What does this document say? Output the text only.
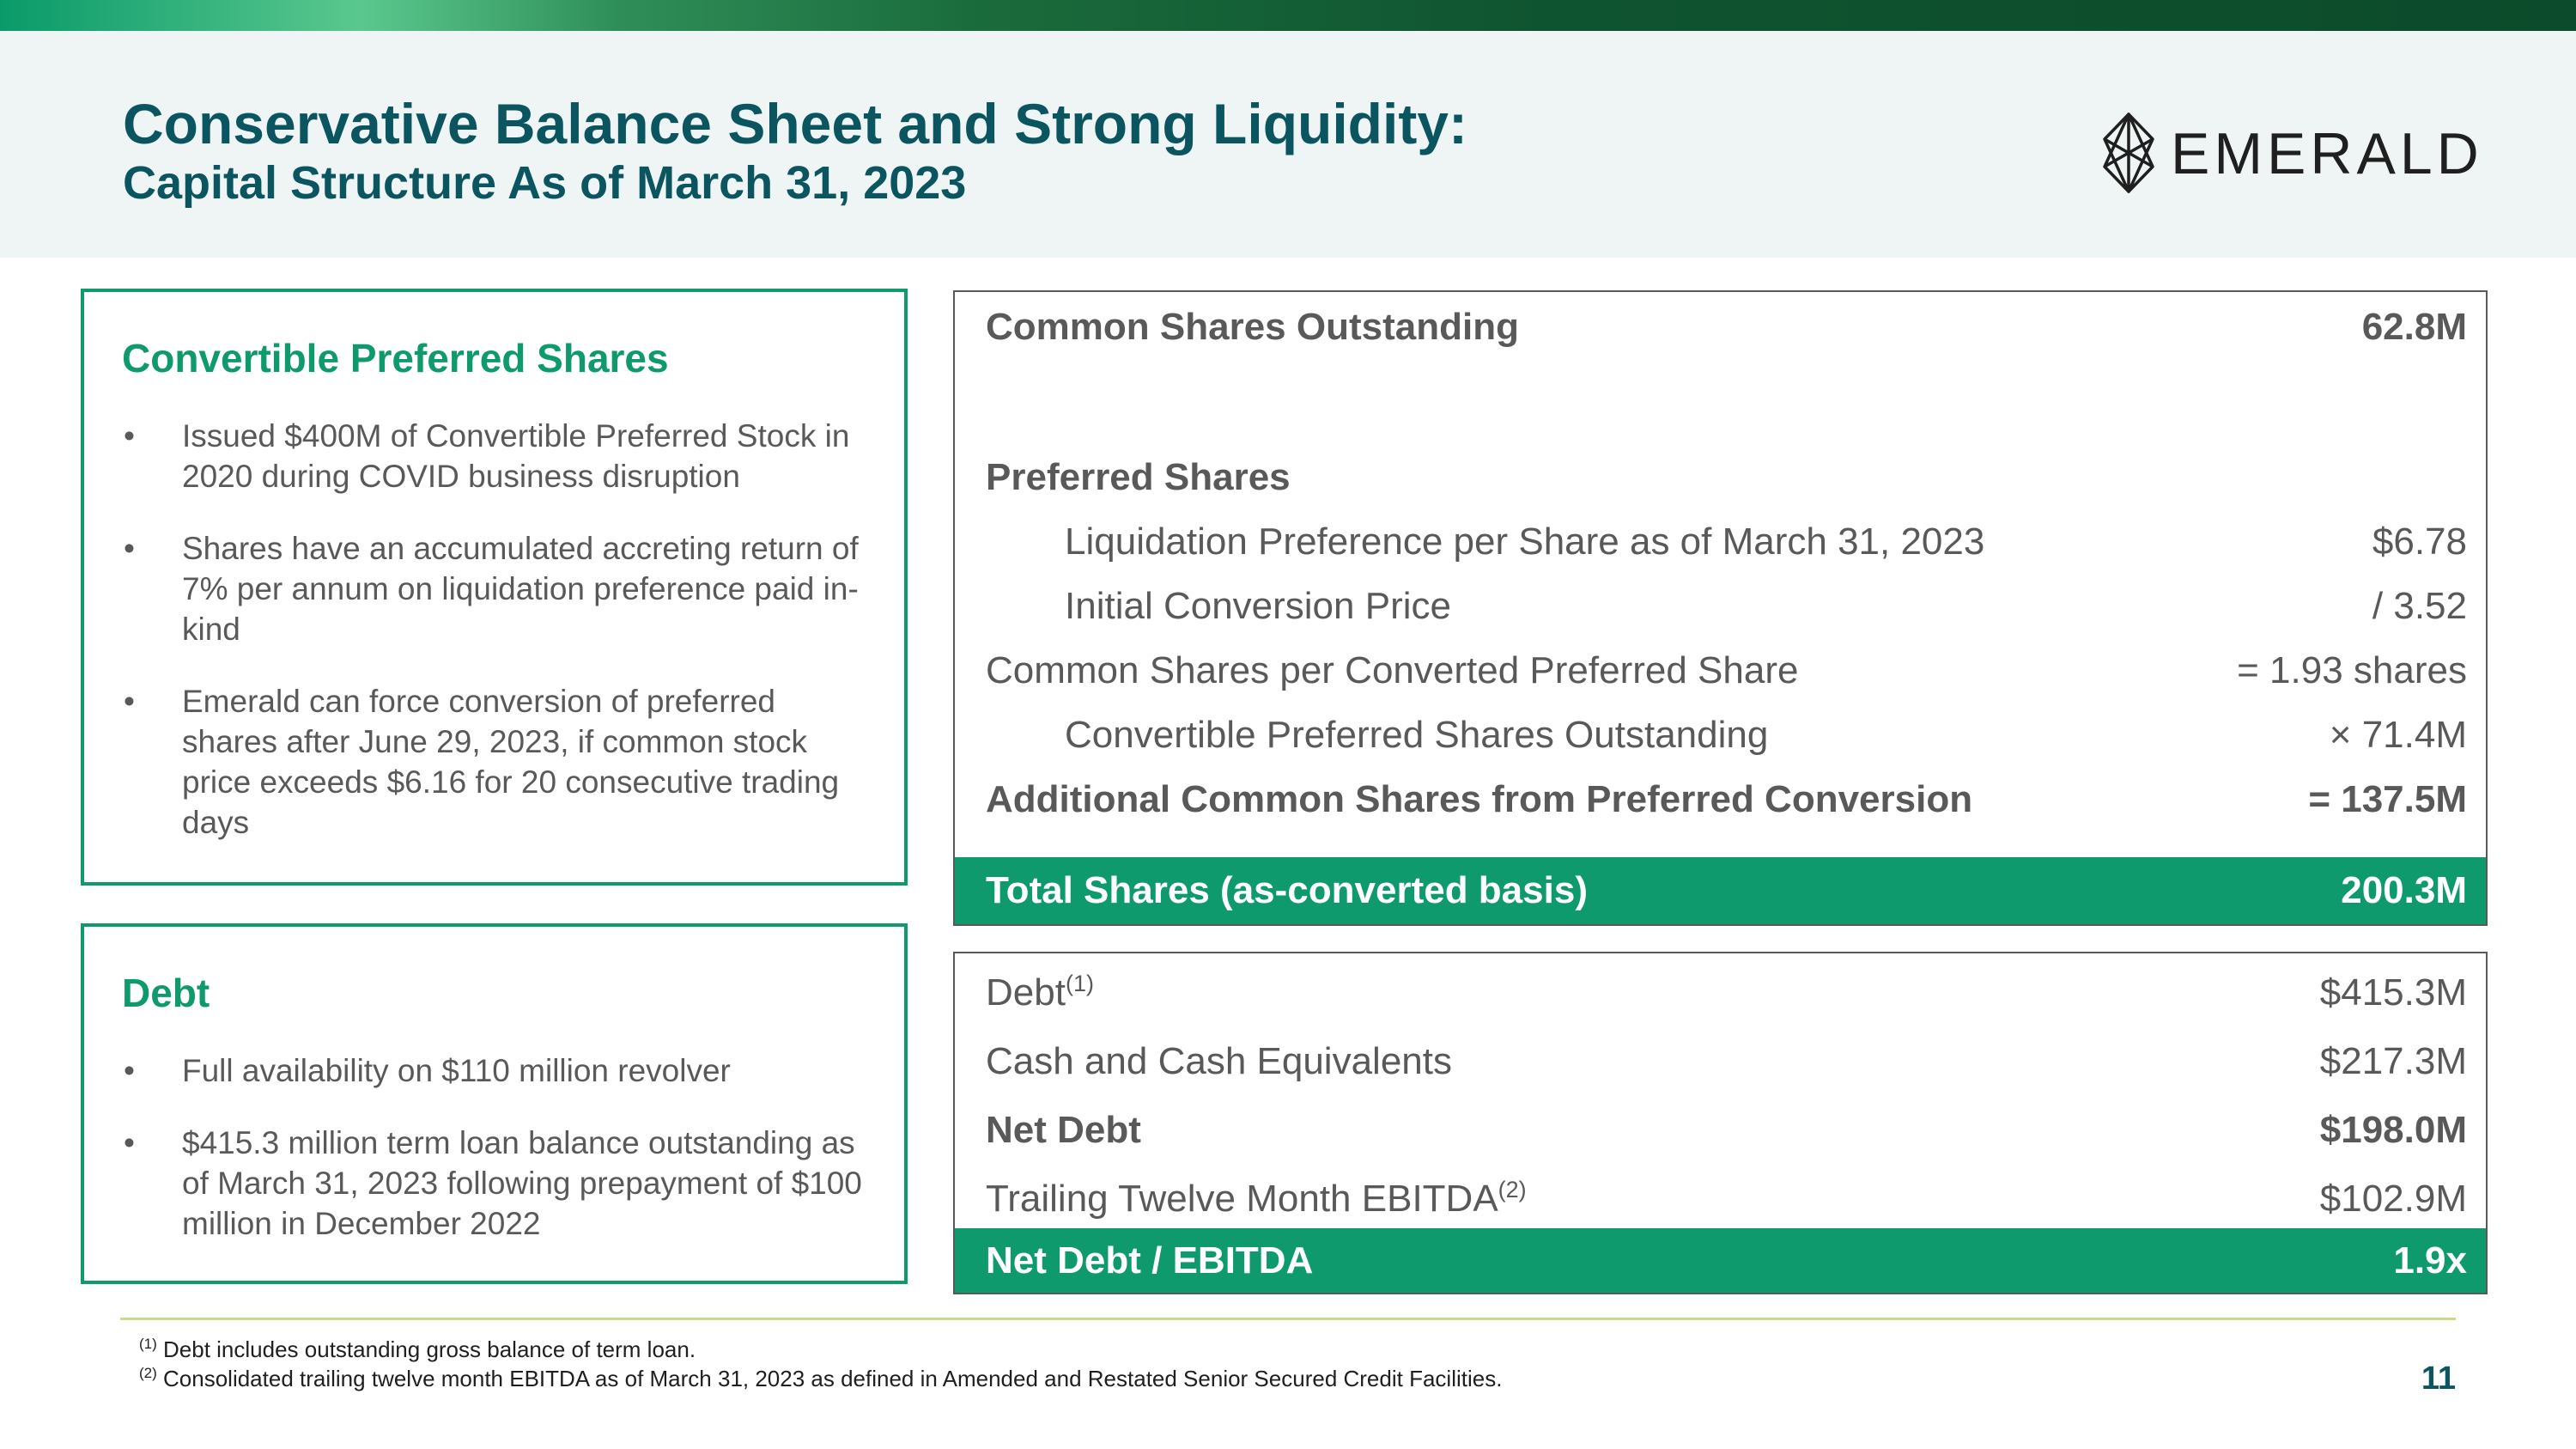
Conservative Balance Sheet and Strong Liquidity:
Capital Structure As of March 31, 2023	EMERALD
Convertible Preferred Shares
• Issued $400M of Convertible Preferred Stock in 2020 during COVID business disruption
• Shares have an accumulated accreting return of 7% per annum on liquidation preference paid in-kind
• Emerald can force conversion of preferred shares after June 29, 2023, if common stock price exceeds $6.16 for 20 consecutive trading days
Debt
• Full availability on $110 million revolver
• $415.3 million term loan balance outstanding as of March 31, 2023 following prepayment of $100 million in December 2022
Common Shares Outstanding	62.8M
Preferred Shares
Liquidation Preference per Share as of March 31, 2023	$6.78
Initial Conversion Price	/ 3.52
Common Shares per Converted Preferred Share	= 1.93 shares
Convertible Preferred Shares Outstanding	× 71.4M
Additional Common Shares from Preferred Conversion	= 137.5M
Total Shares (as-converted basis)	200.3M
Debt$^{(1)}$	$415.3M
Cash and Cash Equivalents	$217.3M
Net Debt	$198.0M
Trailing Twelve Month EBITDA$^{(2)}$	$102.9M
Net Debt / EBITDA	1.9x
$^{(1)}$ Debt includes outstanding gross balance of term loan.
$^{(2)}$ Consolidated trailing twelve month EBITDA as of March 31, 2023 as defined in Amended and Restated Senior Secured Credit Facilities.	11
